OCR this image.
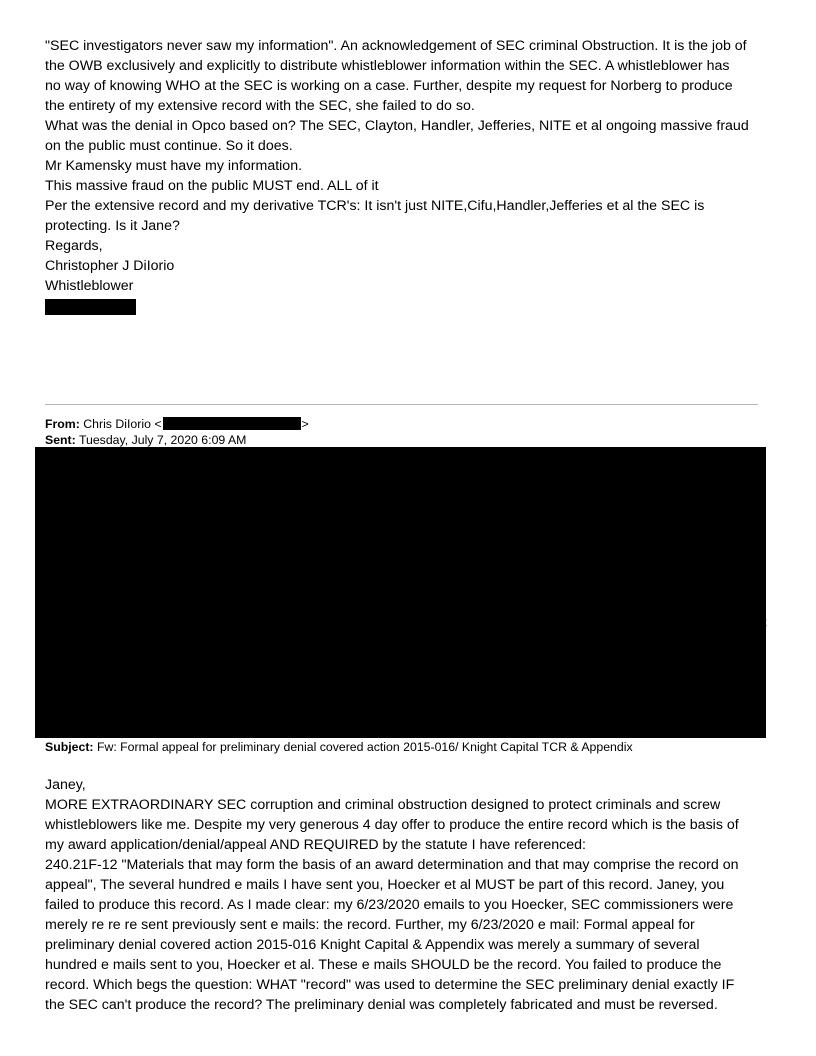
"SEC investigators never saw my information". An acknowledgement of SEC criminal Obstruction. It is the job of
the OWB exclusively and explicitly to distribute whistleblower information within the SEC. A whistleblower has
no way of knowing WHO at the SEC is working on a case. Further, despite my request for Norberg to produce
the entirety of my extensive record with the SEC, she failed to do so.
What was the denial in Opco based on? The SEC, Clayton, Handler, Jefferies, NITE et al ongoing massive fraud
on the public must continue. So it does.
Mr Kamensky must have my information.
This massive fraud on the public MUST end. ALL of it
Per the extensive record and my derivative TCR's: It isn't just NITE,Cifu,Handler,Jefferies et al the SEC is
protecting. Is it Jane?
Regards,
Christopher J DiIorio
Whistleblower
From: Chris DiIorio <	>
Sent: Tuesday, July 7, 2020 6:09 AM
;
Subject: Fw: Formal appeal for preliminary denial covered action 2015-016/ Knight Capital TCR & Appendix
Janey,
MORE EXTRAORDINARY SEC corruption and criminal obstruction designed to protect criminals and screw
whistleblowers like me. Despite my very generous 4 day offer to produce the entire record which is the basis of
my award application/denial/appeal AND REQUIRED by the statute I have referenced:
240.21F-12 "Materials that may form the basis of an award determination and that may comprise the record on
appeal", The several hundred e mails I have sent you, Hoecker et al MUST be part of this record. Janey, you
failed to produce this record. As I made clear: my 6/23/2020 emails to you Hoecker, SEC commissioners were
merely re re re sent previously sent e mails: the record. Further, my 6/23/2020 e mail: Formal appeal for
preliminary denial covered action 2015-016 Knight Capital & Appendix was merely a summary of several
hundred e mails sent to you, Hoecker et al. These e mails SHOULD be the record. You failed to produce the
record. Which begs the question: WHAT "record" was used to determine the SEC preliminary denial exactly IF
the SEC can't produce the record? The preliminary denial was completely fabricated and must be reversed.
